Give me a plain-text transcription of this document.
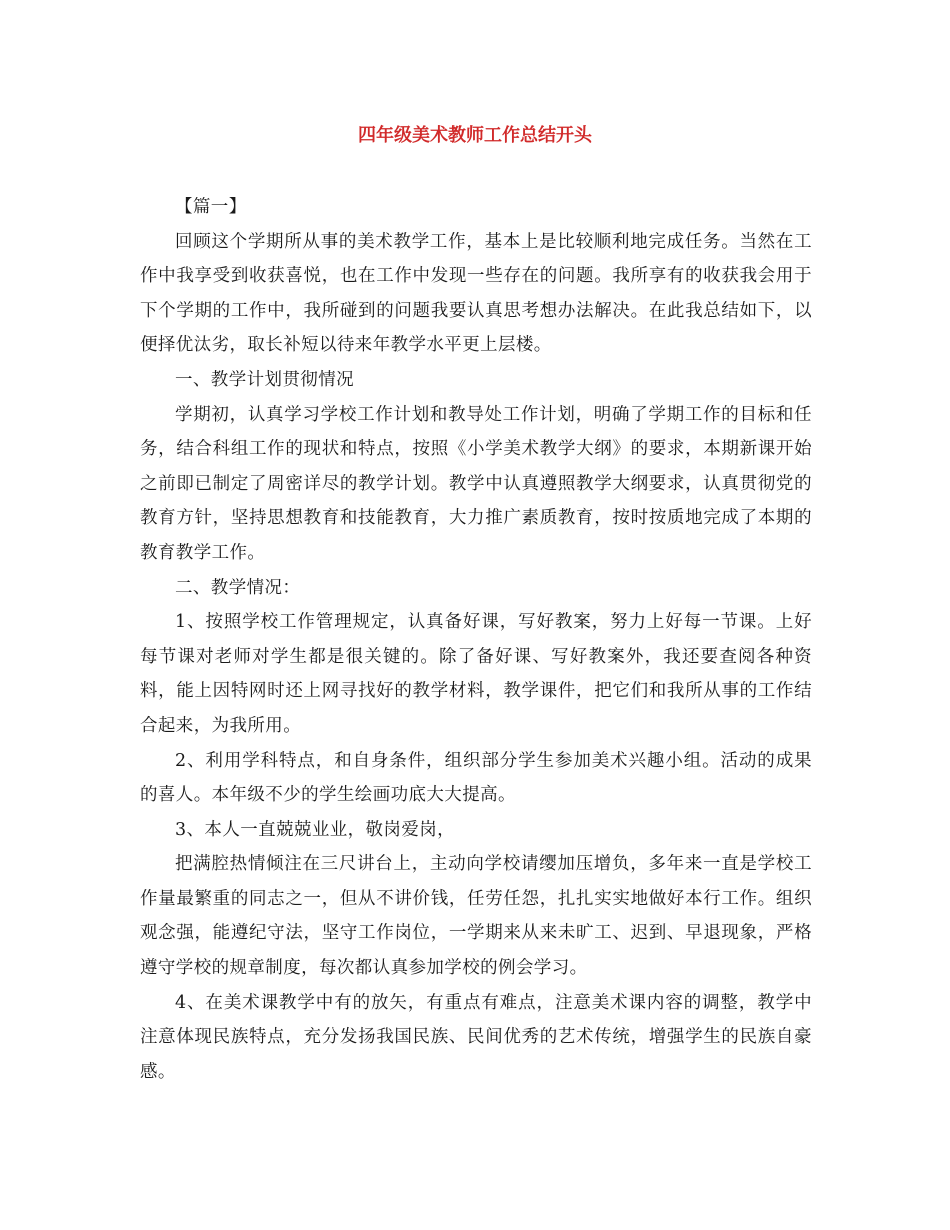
四年级美术教师工作总结开头

【篇一】

回顾这个学期所从事的美术教学工作，基本上是比较顺利地完成任务。当然在工作中我享受到收获喜悦，也在工作中发现一些存在的问题。我所享有的收获我会用于下个学期的工作中，我所碰到的问题我要认真思考想办法解决。在此我总结如下，以便择优汰劣，取长补短以待来年教学水平更上层楼。

一、教学计划贯彻情况

学期初，认真学习学校工作计划和教导处工作计划，明确了学期工作的目标和任务，结合科组工作的现状和特点，按照《小学美术教学大纲》的要求，本期新课开始之前即已制定了周密详尽的教学计划。教学中认真遵照教学大纲要求，认真贯彻党的教育方针，坚持思想教育和技能教育，大力推广素质教育，按时按质地完成了本期的教育教学工作。

二、教学情况：

1、按照学校工作管理规定，认真备好课，写好教案，努力上好每一节课。上好每节课对老师对学生都是很关键的。除了备好课、写好教案外，我还要查阅各种资料，能上因特网时还上网寻找好的教学材料，教学课件，把它们和我所从事的工作结合起来，为我所用。

2、利用学科特点，和自身条件，组织部分学生参加美术兴趣小组。活动的成果的喜人。本年级不少的学生绘画功底大大提高。

3、本人一直兢兢业业，敬岗爱岗，

把满腔热情倾注在三尺讲台上，主动向学校请缨加压增负，多年来一直是学校工作量最繁重的同志之一，但从不讲价钱，任劳任怨，扎扎实实地做好本行工作。组织观念强，能遵纪守法，坚守工作岗位，一学期来从来未旷工、迟到、早退现象，严格遵守学校的规章制度，每次都认真参加学校的例会学习。

4、在美术课教学中有的放矢，有重点有难点，注意美术课内容的调整，教学中注意体现民族特点，充分发扬我国民族、民间优秀的艺术传统，增强学生的民族自豪感。
